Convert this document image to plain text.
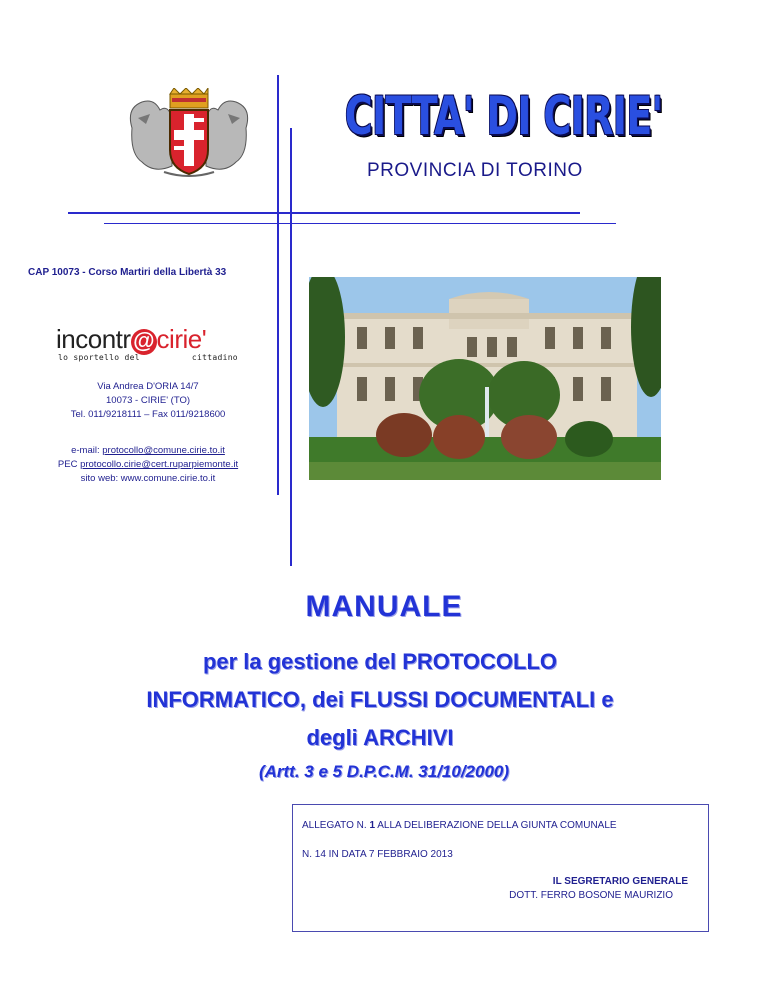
CITTA' DI CIRIE'
PROVINCIA DI TORINO
CAP 10073 - Corso Martiri della Libertà 33
incontr @cirie'
lo sportello del	cittadino
Via Andrea D'ORIA 14/7
10073 - CIRIE' (TO)
Tel. 011/9218111 – Fax 011/9218600
e-mail: protocollo@comune.cirie.to.it
PEC protocollo.cirie@cert.ruparpiemonte.it
sito web: www.comune.cirie.to.it
MANUALE
per la gestione del PROTOCOLLO
INFORMATICO, dei FLUSSI DOCUMENTALI e
degli ARCHIVI
(Artt. 3 e 5 D.P.C.M. 31/10/2000)
ALLEGATO N. 1 ALLA DELIBERAZIONE DELLA GIUNTA COMUNALE
N. 14 IN DATA 7 FEBBRAIO 2013
IL SEGRETARIO GENERALE
DOTT. FERRO BOSONE MAURIZIO
